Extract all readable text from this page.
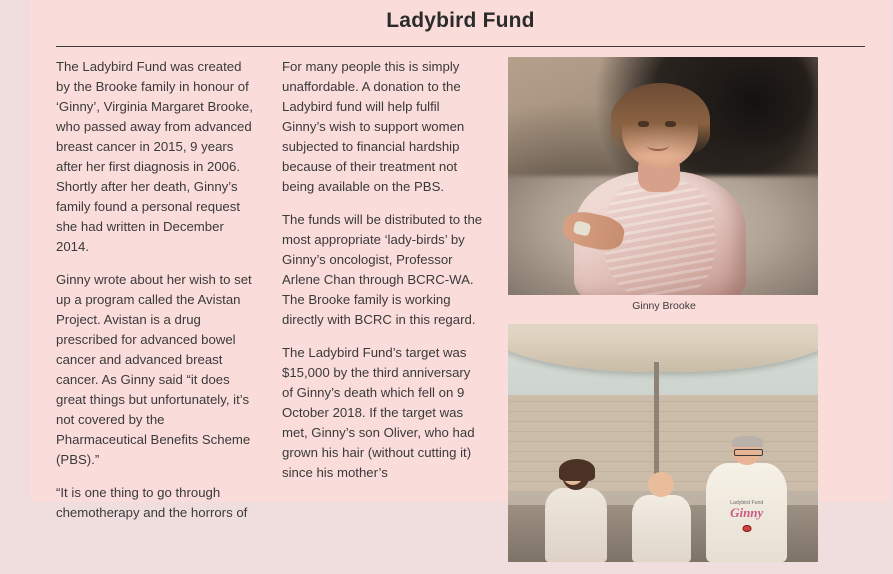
Ladybird Fund

The Ladybird Fund was created by the Brooke family in honour of ‘Ginny’, Virginia Margaret Brooke, who passed away from advanced breast cancer in 2015, 9 years after her first diagnosis in 2006. Shortly after her death, Ginny’s family found a personal request she had written in December 2014.

Ginny wrote about her wish to set up a program called the Avistan Project. Avistan is a drug prescribed for advanced bowel cancer and advanced breast cancer. As Ginny said “it does great things but unfortunately, it’s not covered by the Pharmaceutical Benefits Scheme (PBS).”

“It is one thing to go through chemotherapy and the horrors of

For many people this is simply unaffordable. A donation to the Ladybird fund will help fulfil Ginny’s wish to support women subjected to financial hardship because of their treatment not being available on the PBS.

The funds will be distributed to the most appropriate ‘lady-birds’ by Ginny’s oncologist, Professor Arlene Chan through BCRC-WA. The Brooke family is working directly with BCRC in this regard.

The Ladybird Fund’s target was $15,000 by the third anniversary of Ginny’s death which fell on 9 October 2018. If the target was met, Ginny’s son Oliver, who had grown his hair (without cutting it) since his mother’s

Ginny Brooke
Ladybird Fund
Ginny
